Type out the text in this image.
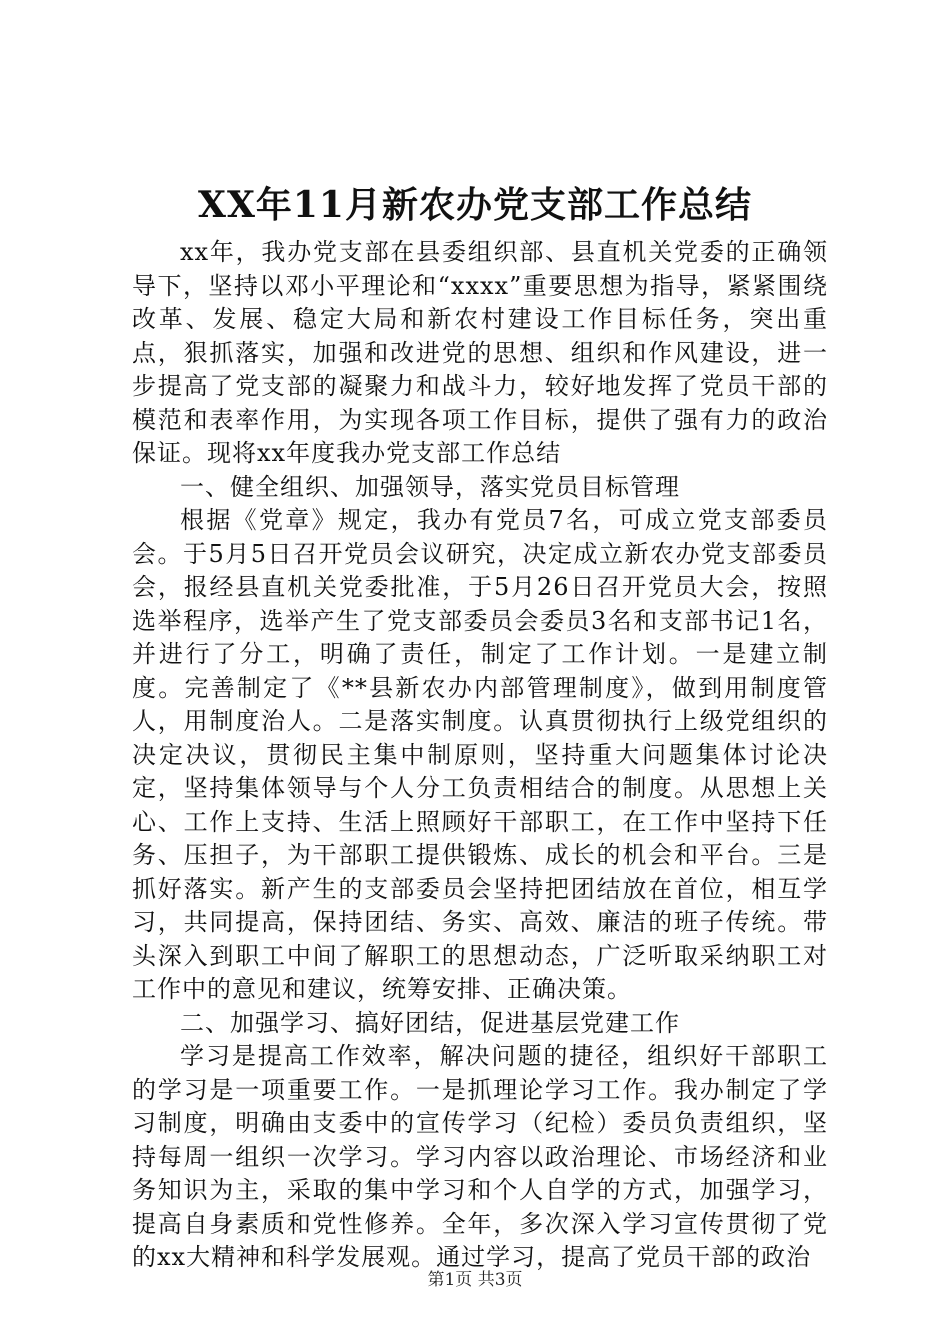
XX年11月新农办党支部工作总结

xx年，我办党支部在县委组织部、县直机关党委的正确领导下，坚持以邓小平理论和“xxxx”重要思想为指导，紧紧围绕改革、发展、稳定大局和新农村建设工作目标任务，突出重点，狠抓落实，加强和改进党的思想、组织和作风建设，进一步提高了党支部的凝聚力和战斗力，较好地发挥了党员干部的模范和表率作用，为实现各项工作目标，提供了强有力的政治保证。现将xx年度我办党支部工作总结

一、健全组织、加强领导，落实党员目标管理

根据《党章》规定，我办有党员7名，可成立党支部委员会。于5月5日召开党员会议研究，决定成立新农办党支部委员会，报经县直机关党委批准，于5月26日召开党员大会，按照选举程序，选举产生了党支部委员会委员3名和支部书记1名，并进行了分工，明确了责任，制定了工作计划。一是建立制度。完善制定了《**县新农办内部管理制度》，做到用制度管人，用制度治人。二是落实制度。认真贯彻执行上级党组织的决定决议，贯彻民主集中制原则，坚持重大问题集体讨论决定，坚持集体领导与个人分工负责相结合的制度。从思想上关心、工作上支持、生活上照顾好干部职工，在工作中坚持下任务、压担子，为干部职工提供锻炼、成长的机会和平台。三是抓好落实。新产生的支部委员会坚持把团结放在首位，相互学习，共同提高，保持团结、务实、高效、廉洁的班子传统。带头深入到职工中间了解职工的思想动态，广泛听取采纳职工对工作中的意见和建议，统筹安排、正确决策。

二、加强学习、搞好团结，促进基层党建工作

学习是提高工作效率，解决问题的捷径，组织好干部职工的学习是一项重要工作。一是抓理论学习工作。我办制定了学习制度，明确由支委中的宣传学习（纪检）委员负责组织，坚持每周一组织一次学习。学习内容以政治理论、市场经济和业务知识为主，采取的集中学习和个人自学的方式，加强学习，提高自身素质和党性修养。全年，多次深入学习宣传贯彻了党的xx大精神和科学发展观。通过学习，提高了党员干部的政治

第1页 共3页
